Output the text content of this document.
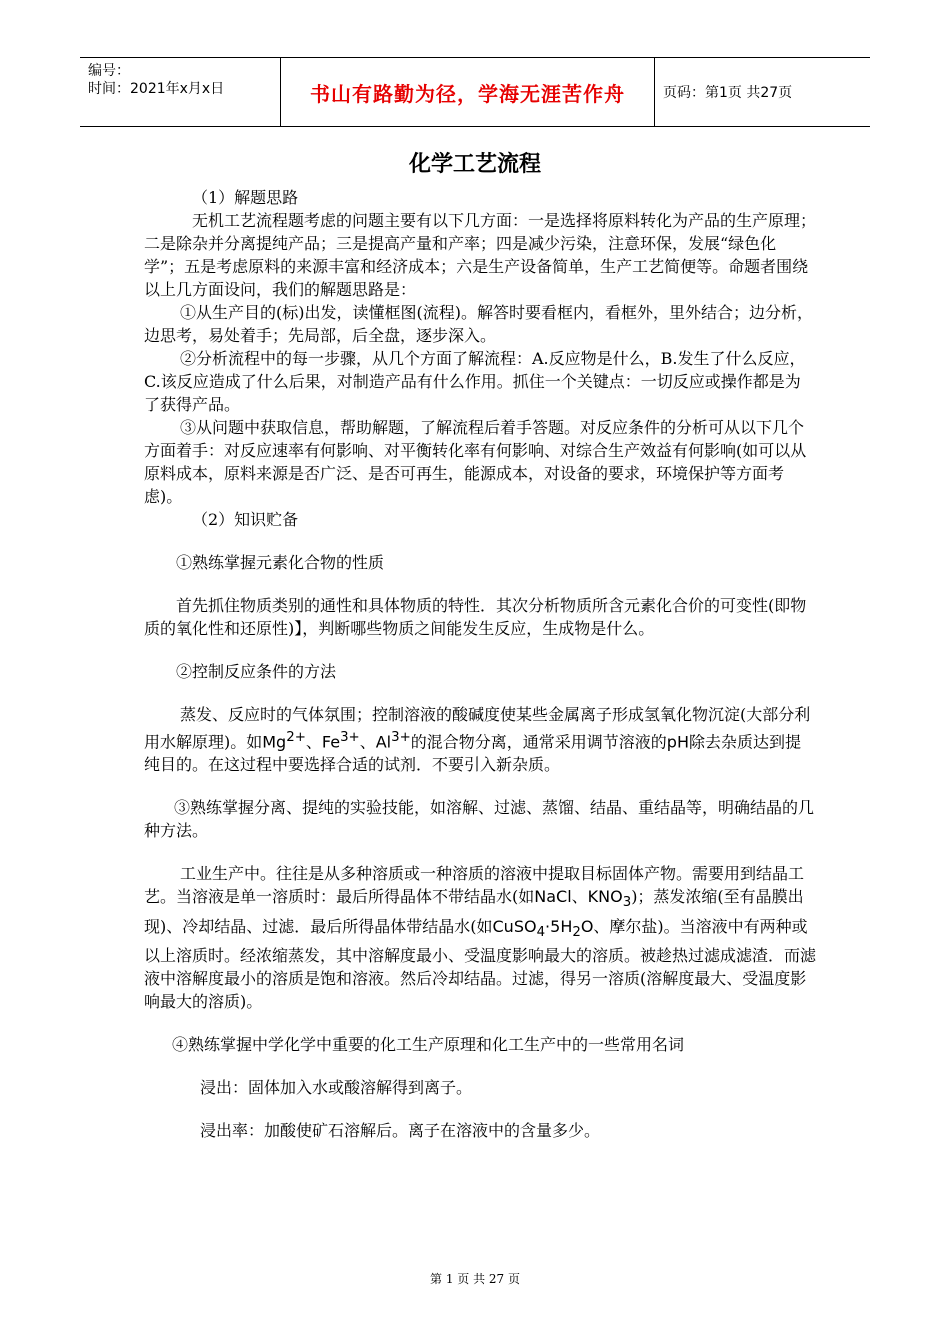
编号：
时间：2021年x月x日	书山有路勤为径，学海无涯苦作舟	页码：第1页 共27页
化学工艺流程

（1）解题思路

无机工艺流程题考虑的问题主要有以下几方面：一是选择将原料转化为产品的生产原理；二是除杂并分离提纯产品；三是提高产量和产率；四是减少污染，注意环保，发展“绿色化学”；五是考虑原料的来源丰富和经济成本；六是生产设备简单，生产工艺简便等。命题者围绕以上几方面设问，我们的解题思路是：

①从生产目的(标)出发，读懂框图(流程)。解答时要看框内，看框外，里外结合；边分析，边思考，易处着手；先局部，后全盘，逐步深入。

②分析流程中的每一步骤，从几个方面了解流程：A.反应物是什么，B.发生了什么反应，C.该反应造成了什么后果，对制造产品有什么作用。抓住一个关键点：一切反应或操作都是为了获得产品。

③从问题中获取信息，帮助解题，了解流程后着手答题。对反应条件的分析可从以下几个方面着手：对反应速率有何影响、对平衡转化率有何影响、对综合生产效益有何影响(如可以从原料成本，原料来源是否广泛、是否可再生，能源成本，对设备的要求，环境保护等方面考虑)。

（2）知识贮备

①熟练掌握元素化合物的性质

首先抓住物质类别的通性和具体物质的特性．其次分析物质所含元素化合价的可变性(即物质的氧化性和还原性)】，判断哪些物质之间能发生反应，生成物是什么。

②控制反应条件的方法

蒸发、反应时的气体氛围；控制溶液的酸碱度使某些金属离子形成氢氧化物沉淀(大部分利用水解原理)。如$Mg^{2+}$、$Fe^{3+}$、$Al^{3+}$的混合物分离，通常采用调节溶液的pH除去杂质达到提纯目的。在这过程中要选择合适的试剂．不要引入新杂质。

③熟练掌握分离、提纯的实验技能，如溶解、过滤、蒸馏、结晶、重结晶等，明确结晶的几种方法。

工业生产中。往往是从多种溶质或一种溶质的溶液中提取目标固体产物。需要用到结晶工艺。当溶液是单一溶质时：最后所得晶体不带结晶水(如NaCl、$KNO_3$)；蒸发浓缩(至有晶膜出现)、冷却结晶、过滤．最后所得晶体带结晶水(如$CuSO_4\cdot 5H_2O$、摩尔盐)。当溶液中有两种或以上溶质时。经浓缩蒸发，其中溶解度最小、受温度影响最大的溶质。被趁热过滤成滤渣．而滤液中溶解度最小的溶质是饱和溶液。然后冷却结晶。过滤，得另一溶质(溶解度最大、受温度影响最大的溶质)。

④熟练掌握中学化学中重要的化工生产原理和化工生产中的一些常用名词

浸出：固体加入水或酸溶解得到离子。

浸出率：加酸使矿石溶解后。离子在溶液中的含量多少。

第 1 页 共 27 页
